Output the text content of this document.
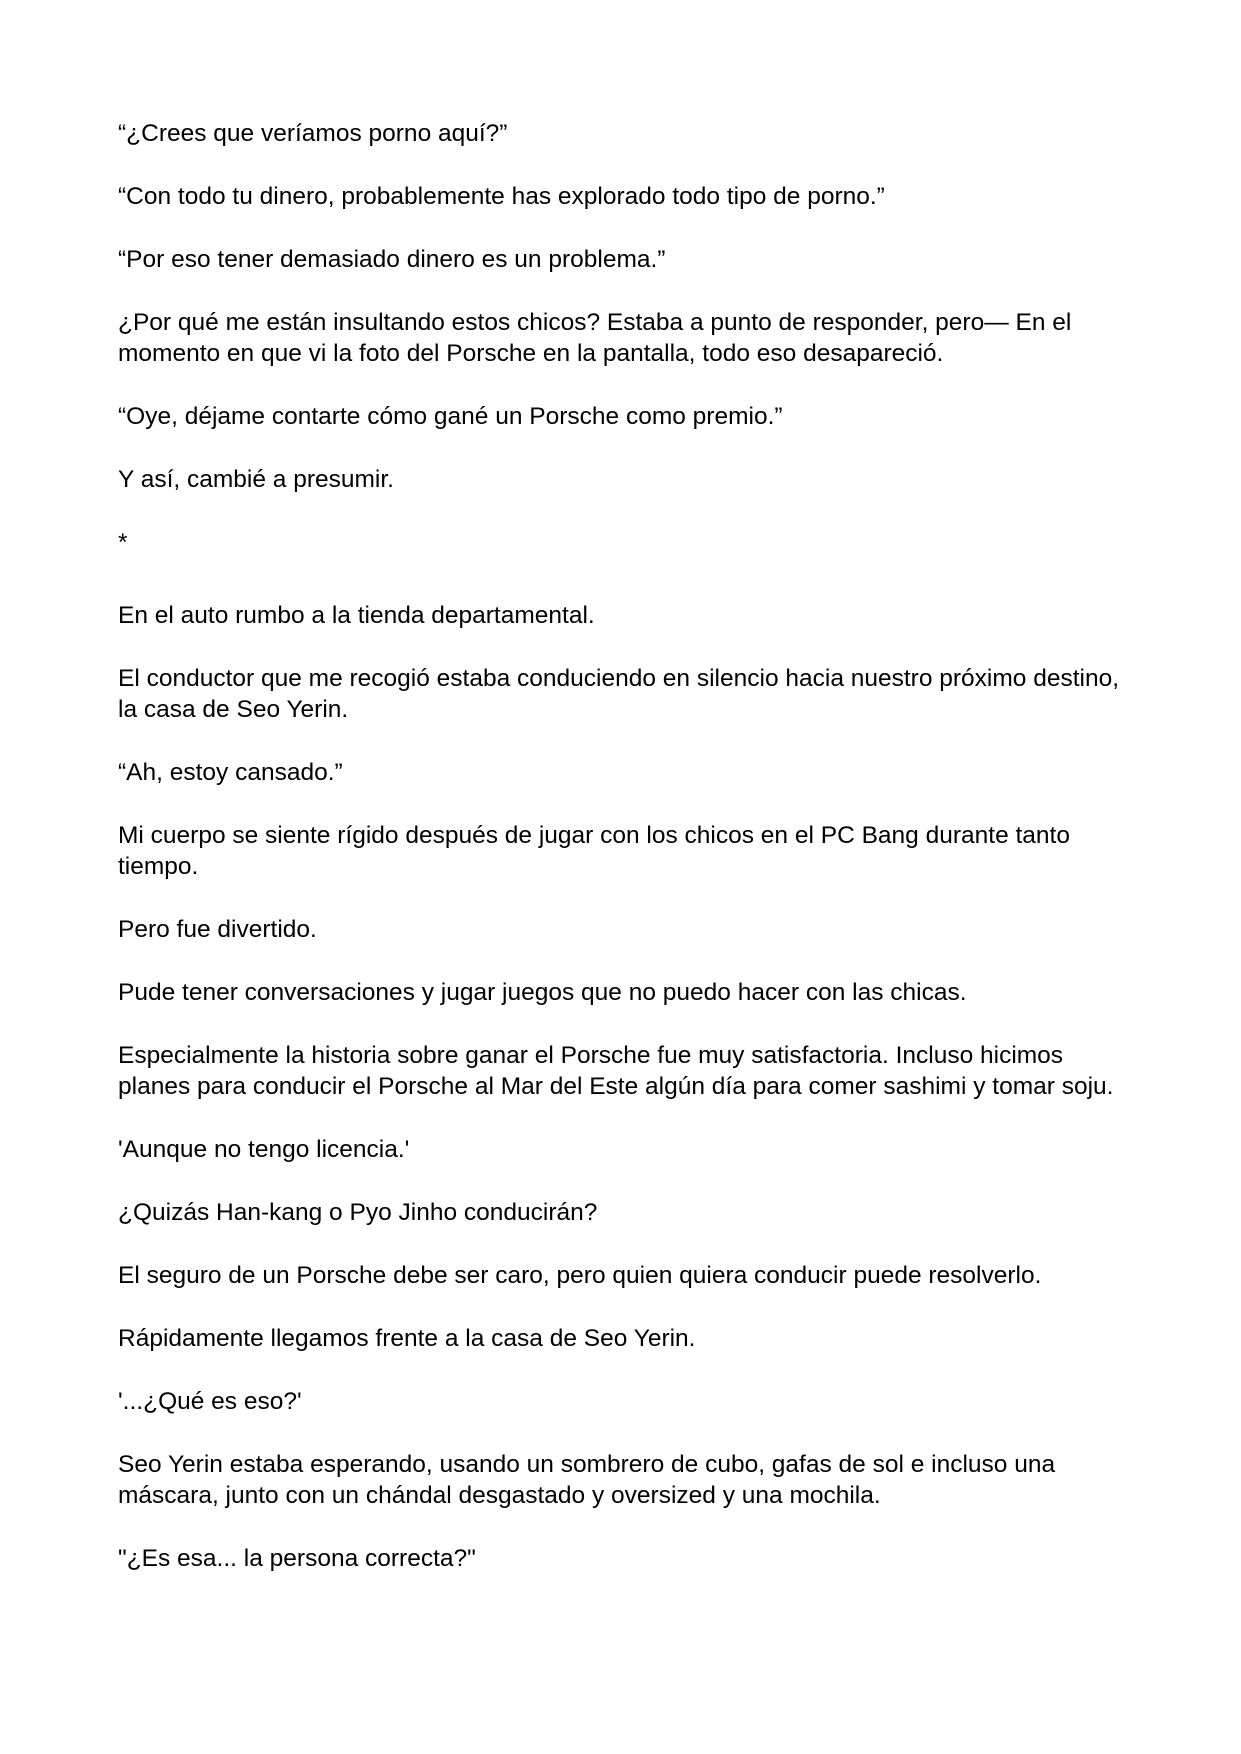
“¿Crees que veríamos porno aquí?”

“Con todo tu dinero, probablemente has explorado todo tipo de porno.”

“Por eso tener demasiado dinero es un problema.”

¿Por qué me están insultando estos chicos? Estaba a punto de responder, pero— En el momento en que vi la foto del Porsche en la pantalla, todo eso desapareció.

“Oye, déjame contarte cómo gané un Porsche como premio.”

Y así, cambié a presumir.

*

En el auto rumbo a la tienda departamental.

El conductor que me recogió estaba conduciendo en silencio hacia nuestro próximo destino, la casa de Seo Yerin.

“Ah, estoy cansado.”

Mi cuerpo se siente rígido después de jugar con los chicos en el PC Bang durante tanto tiempo.

Pero fue divertido.

Pude tener conversaciones y jugar juegos que no puedo hacer con las chicas.

Especialmente la historia sobre ganar el Porsche fue muy satisfactoria. Incluso hicimos planes para conducir el Porsche al Mar del Este algún día para comer sashimi y tomar soju.

'Aunque no tengo licencia.'

¿Quizás Han-kang o Pyo Jinho conducirán?

El seguro de un Porsche debe ser caro, pero quien quiera conducir puede resolverlo.

Rápidamente llegamos frente a la casa de Seo Yerin.

'...¿Qué es eso?'

Seo Yerin estaba esperando, usando un sombrero de cubo, gafas de sol e incluso una máscara, junto con un chándal desgastado y oversized y una mochila.

"¿Es esa... la persona correcta?"
